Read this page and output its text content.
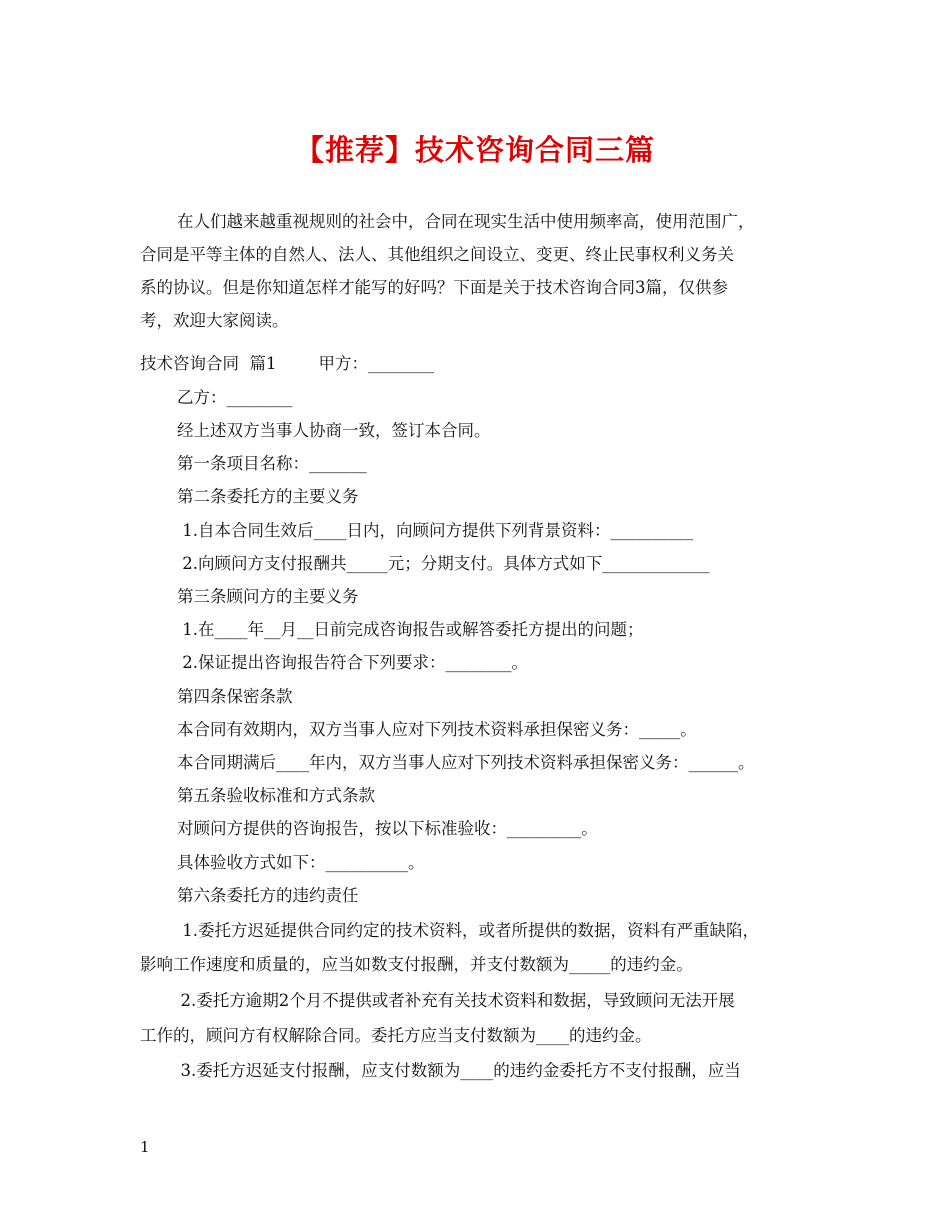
【推荐】技术咨询合同三篇
在人们越来越重视规则的社会中，合同在现实生活中使用频率高，使用范围广，
合同是平等主体的自然人、法人、其他组织之间设立、变更、终止民事权利义务关
系的协议。但是你知道怎样才能写的好吗？下面是关于技术咨询合同3篇，仅供参
考，欢迎大家阅读。
技术咨询合同  篇1        甲方：________
乙方：________
经上述双方当事人协商一致，签订本合同。
第一条项目名称：_______
第二条委托方的主要义务
1.自本合同生效后____日内，向顾问方提供下列背景资料：__________
2.向顾问方支付报酬共_____元；分期支付。具体方式如下_____________
第三条顾问方的主要义务
1.在____年__月__日前完成咨询报告或解答委托方提出的问题；
2.保证提出咨询报告符合下列要求：________。
第四条保密条款
本合同有效期内，双方当事人应对下列技术资料承担保密义务：_____。
本合同期满后____年内，双方当事人应对下列技术资料承担保密义务：______。
第五条验收标准和方式条款
对顾问方提供的咨询报告，按以下标准验收：_________。
具体验收方式如下：__________。
第六条委托方的违约责任
1.委托方迟延提供合同约定的技术资料，或者所提供的数据，资料有严重缺陷，
影响工作速度和质量的，应当如数支付报酬，并支付数额为_____的违约金。
2.委托方逾期2个月不提供或者补充有关技术资料和数据，导致顾问无法开展
工作的，顾问方有权解除合同。委托方应当支付数额为____的违约金。
3.委托方迟延支付报酬，应支付数额为____的违约金委托方不支付报酬，应当
1
